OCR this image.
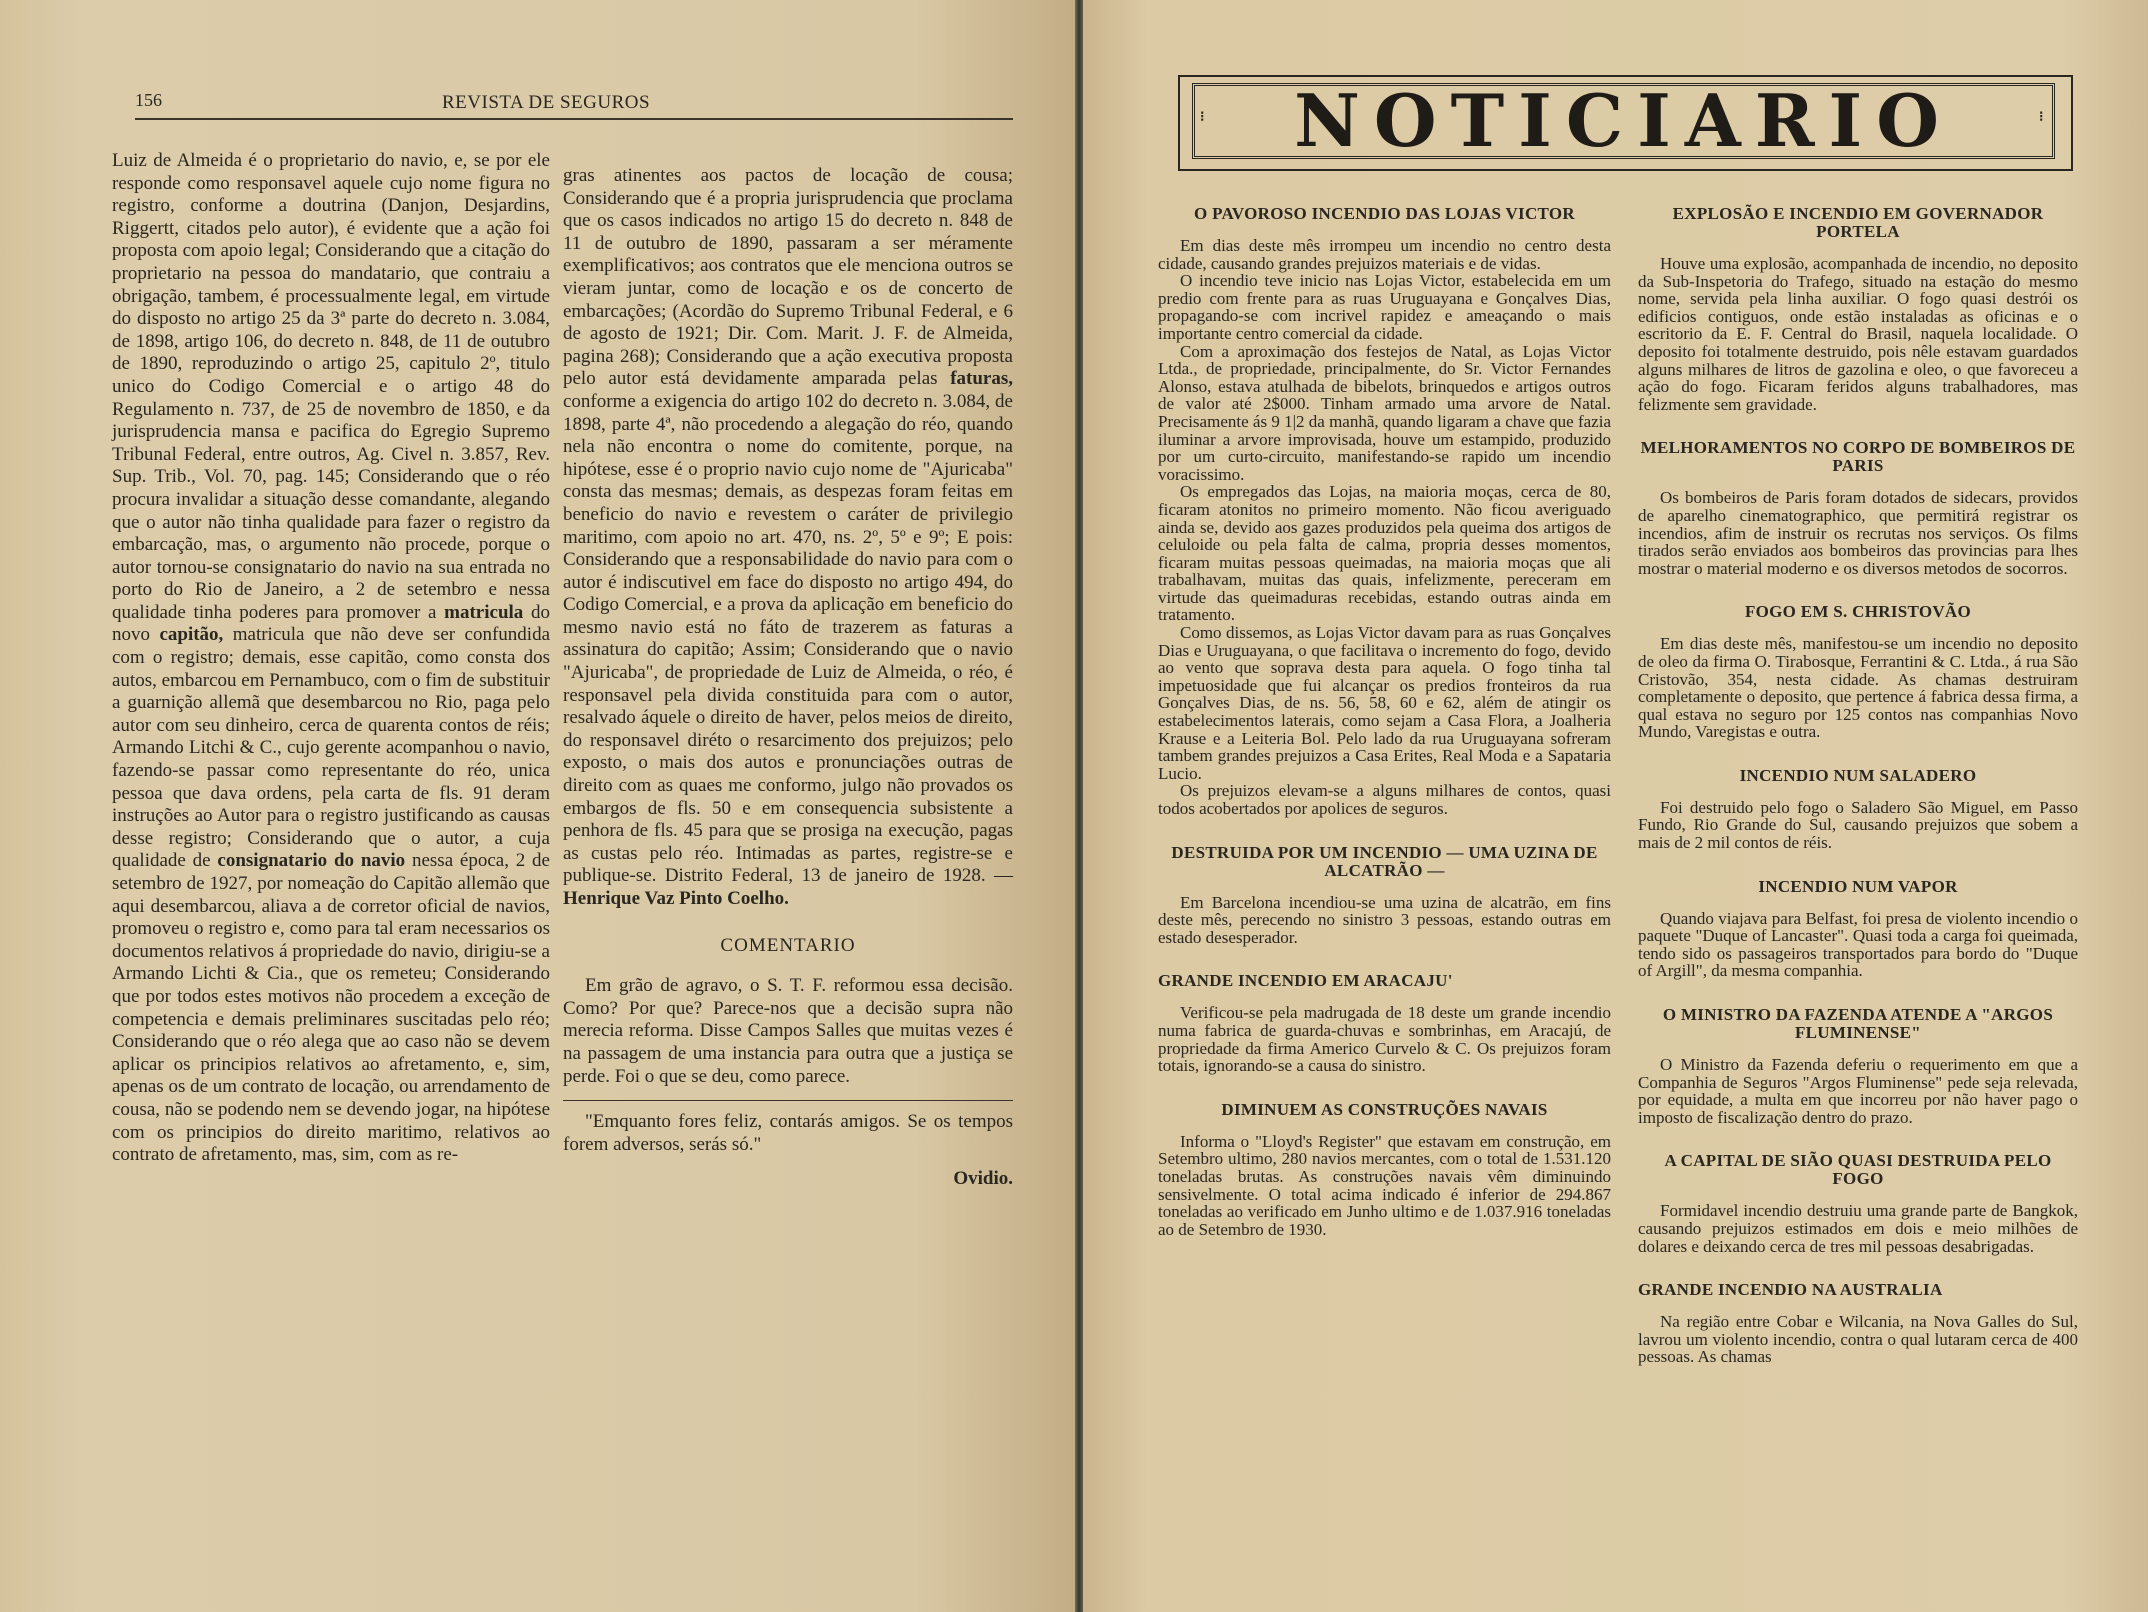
156	REVISTA DE SEGUROS

Luiz de Almeida é o proprietario do navio, e, se por ele responde como responsavel aquele cujo nome figura no registro, conforme a doutrina (Danjon, Desjardins, Riggertt, citados pelo autor), é evidente que a ação foi proposta com apoio legal; Considerando que a citação do proprietario na pessoa do mandatario, que contraiu a obrigação, tambem, é processualmente legal, em virtude do disposto no artigo 25 da 3ª parte do decreto n. 3.084, de 1898, artigo 106, do decreto n. 848, de 11 de outubro de 1890, reproduzindo o artigo 25, capitulo 2º, titulo unico do Codigo Comercial e o artigo 48 do Regulamento n. 737, de 25 de novembro de 1850, e da jurisprudencia mansa e pacifica do Egregio Supremo Tribunal Federal, entre outros, Ag. Civel n. 3.857, Rev. Sup. Trib., Vol. 70, pag. 145; Considerando que o réo procura invalidar a situação desse comandante, alegando que o autor não tinha qualidade para fazer o registro da embarcação, mas, o argumento não procede, porque o autor tornou-se consignatario do navio na sua entrada no porto do Rio de Janeiro, a 2 de setembro e nessa qualidade tinha poderes para promover a matricula do novo capitão, matricula que não deve ser confundida com o registro; demais, esse capitão, como consta dos autos, embarcou em Pernambuco, com o fim de substituir a guarnição allemã que desembarcou no Rio, paga pelo autor com seu dinheiro, cerca de quarenta contos de réis; Armando Litchi & C., cujo gerente acompanhou o navio, fazendo-se passar como representante do réo, unica pessoa que dava ordens, pela carta de fls. 91 deram instruções ao Autor para o registro justificando as causas desse registro; Considerando que o autor, a cuja qualidade de consignatario do navio nessa época, 2 de setembro de 1927, por nomeação do Capitão allemão que aqui desembarcou, aliava a de corretor oficial de navios, promoveu o registro e, como para tal eram necessarios os documentos relativos á propriedade do navio, dirigiu-se a Armando Lichti & Cia., que os remeteu; Considerando que por todos estes motivos não procedem a exceção de competencia e demais preliminares suscitadas pelo réo; Considerando que o réo alega que ao caso não se devem aplicar os principios relativos ao afretamento, e, sim, apenas os de um contrato de locação, ou arrendamento de cousa, não se podendo nem se devendo jogar, na hipótese com os principios do direito maritimo, relativos ao contrato de afretamento, mas, sim, com as re-

gras atinentes aos pactos de locação de cousa; Considerando que é a propria jurisprudencia que proclama que os casos indicados no artigo 15 do decreto n. 848 de 11 de outubro de 1890, passaram a ser méramente exemplificativos; aos contratos que ele menciona outros se vieram juntar, como de locação e os de concerto de embarcações; (Acordão do Supremo Tribunal Federal, e 6 de agosto de 1921; Dir. Com. Marit. J. F. de Almeida, pagina 268); Considerando que a ação executiva proposta pelo autor está devidamente amparada pelas faturas, conforme a exigencia do artigo 102 do decreto n. 3.084, de 1898, parte 4ª, não procedendo a alegação do réo, quando nela não encontra o nome do comitente, porque, na hipótese, esse é o proprio navio cujo nome de "Ajuricaba" consta das mesmas; demais, as despezas foram feitas em beneficio do navio e revestem o caráter de privilegio maritimo, com apoio no art. 470, ns. 2º, 5º e 9º; E pois: Considerando que a responsabilidade do navio para com o autor é indiscutivel em face do disposto no artigo 494, do Codigo Comercial, e a prova da aplicação em beneficio do mesmo navio está no fáto de trazerem as faturas a assinatura do capitão; Assim; Considerando que o navio "Ajuricaba", de propriedade de Luiz de Almeida, o réo, é responsavel pela divida constituida para com o autor, resalvado áquele o direito de haver, pelos meios de direito, do responsavel diréto o resarcimento dos prejuizos; pelo exposto, o mais dos autos e pronunciações outras de direito com as quaes me conformo, julgo não provados os embargos de fls. 50 e em consequencia subsistente a penhora de fls. 45 para que se prosiga na execução, pagas as custas pelo réo. Intimadas as partes, registre-se e publique-se. Distrito Federal, 13 de janeiro de 1928. — Henrique Vaz Pinto Coelho.

COMENTARIO

Em grão de agravo, o S. T. F. reformou essa decisão. Como? Por que? Parece-nos que a decisão supra não merecia reforma. Disse Campos Salles que muitas vezes é na passagem de uma instancia para outra que a justiça se perde. Foi o que se deu, como parece.

"Emquanto fores feliz, contarás amigos. Se os tempos forem adversos, serás só."

Ovidio.
NOTICIARIO
⁝	⁝
O PAVOROSO INCENDIO DAS LOJAS VICTOR

Em dias deste mês irrompeu um incendio no centro desta cidade, causando grandes prejuizos materiais e de vidas.

O incendio teve inicio nas Lojas Victor, estabelecida em um predio com frente para as ruas Uruguayana e Gonçalves Dias, propagando-se com incrivel rapidez e ameaçando o mais importante centro comercial da cidade.

Com a aproximação dos festejos de Natal, as Lojas Victor Ltda., de propriedade, principalmente, do Sr. Victor Fernandes Alonso, estava atulhada de bibelots, brinquedos e artigos outros de valor até 2$000. Tinham armado uma arvore de Natal. Precisamente ás 9 1|2 da manhã, quando ligaram a chave que fazia iluminar a arvore improvisada, houve um estampido, produzido por um curto-circuito, manifestando-se rapido um incendio voracissimo.

Os empregados das Lojas, na maioria moças, cerca de 80, ficaram atonitos no primeiro momento. Não ficou averiguado ainda se, devido aos gazes produzidos pela queima dos artigos de celuloide ou pela falta de calma, propria desses momentos, ficaram muitas pessoas queimadas, na maioria moças que ali trabalhavam, muitas das quais, infelizmente, pereceram em virtude das queimaduras recebidas, estando outras ainda em tratamento.

Como dissemos, as Lojas Victor davam para as ruas Gonçalves Dias e Uruguayana, o que facilitava o incremento do fogo, devido ao vento que soprava desta para aquela. O fogo tinha tal impetuosidade que fui alcançar os predios fronteiros da rua Gonçalves Dias, de ns. 56, 58, 60 e 62, além de atingir os estabelecimentos laterais, como sejam a Casa Flora, a Joalheria Krause e a Leiteria Bol. Pelo lado da rua Uruguayana sofreram tambem grandes prejuizos a Casa Erites, Real Moda e a Sapataria Lucio.

Os prejuizos elevam-se a alguns milhares de contos, quasi todos acobertados por apolices de seguros.

DESTRUIDA POR UM INCENDIO — UMA UZINA DE ALCATRÃO —

Em Barcelona incendiou-se uma uzina de alcatrão, em fins deste mês, perecendo no sinistro 3 pessoas, estando outras em estado desesperador.

GRANDE INCENDIO EM ARACAJU'

Verificou-se pela madrugada de 18 deste um grande incendio numa fabrica de guarda-chuvas e sombrinhas, em Aracajú, de propriedade da firma Americo Curvelo & C. Os prejuizos foram totais, ignorando-se a causa do sinistro.

DIMINUEM AS CONSTRUÇÕES NAVAIS

Informa o "Lloyd's Register" que estavam em construção, em Setembro ultimo, 280 navios mercantes, com o total de 1.531.120 toneladas brutas. As construções navais vêm diminuindo sensivelmente. O total acima indicado é inferior de 294.867 toneladas ao verificado em Junho ultimo e de 1.037.916 toneladas ao de Setembro de 1930.

EXPLOSÃO E INCENDIO EM GOVERNADOR PORTELA

Houve uma explosão, acompanhada de incendio, no deposito da Sub-Inspetoria do Trafego, situado na estação do mesmo nome, servida pela linha auxiliar. O fogo quasi destrói os edificios contiguos, onde estão instaladas as oficinas e o escritorio da E. F. Central do Brasil, naquela localidade. O deposito foi totalmente destruido, pois nêle estavam guardados alguns milhares de litros de gazolina e oleo, o que favoreceu a ação do fogo. Ficaram feridos alguns trabalhadores, mas felizmente sem gravidade.

MELHORAMENTOS NO CORPO DE BOMBEIROS DE PARIS

Os bombeiros de Paris foram dotados de sidecars, providos de aparelho cinematographico, que permitirá registrar os incendios, afim de instruir os recrutas nos serviços. Os films tirados serão enviados aos bombeiros das provincias para lhes mostrar o material moderno e os diversos metodos de socorros.

FOGO EM S. CHRISTOVÃO

Em dias deste mês, manifestou-se um incendio no deposito de oleo da firma O. Tirabosque, Ferrantini & C. Ltda., á rua São Cristovão, 354, nesta cidade. As chamas destruiram completamente o deposito, que pertence á fabrica dessa firma, a qual estava no seguro por 125 contos nas companhias Novo Mundo, Varegistas e outra.

INCENDIO NUM SALADERO

Foi destruido pelo fogo o Saladero São Miguel, em Passo Fundo, Rio Grande do Sul, causando prejuizos que sobem a mais de 2 mil contos de réis.

INCENDIO NUM VAPOR

Quando viajava para Belfast, foi presa de violento incendio o paquete "Duque of Lancaster". Quasi toda a carga foi queimada, tendo sido os passageiros transportados para bordo do "Duque of Argill", da mesma companhia.

O MINISTRO DA FAZENDA ATENDE A "ARGOS FLUMINENSE"

O Ministro da Fazenda deferiu o requerimento em que a Companhia de Seguros "Argos Fluminense" pede seja relevada, por equidade, a multa em que incorreu por não haver pago o imposto de fiscalização dentro do prazo.

A CAPITAL DE SIÃO QUASI DESTRUIDA PELO FOGO

Formidavel incendio destruiu uma grande parte de Bangkok, causando prejuizos estimados em dois e meio milhões de dolares e deixando cerca de tres mil pessoas desabrigadas.

GRANDE INCENDIO NA AUSTRALIA

Na região entre Cobar e Wilcania, na Nova Galles do Sul, lavrou um violento incendio, contra o qual lutaram cerca de 400 pessoas. As chamas
